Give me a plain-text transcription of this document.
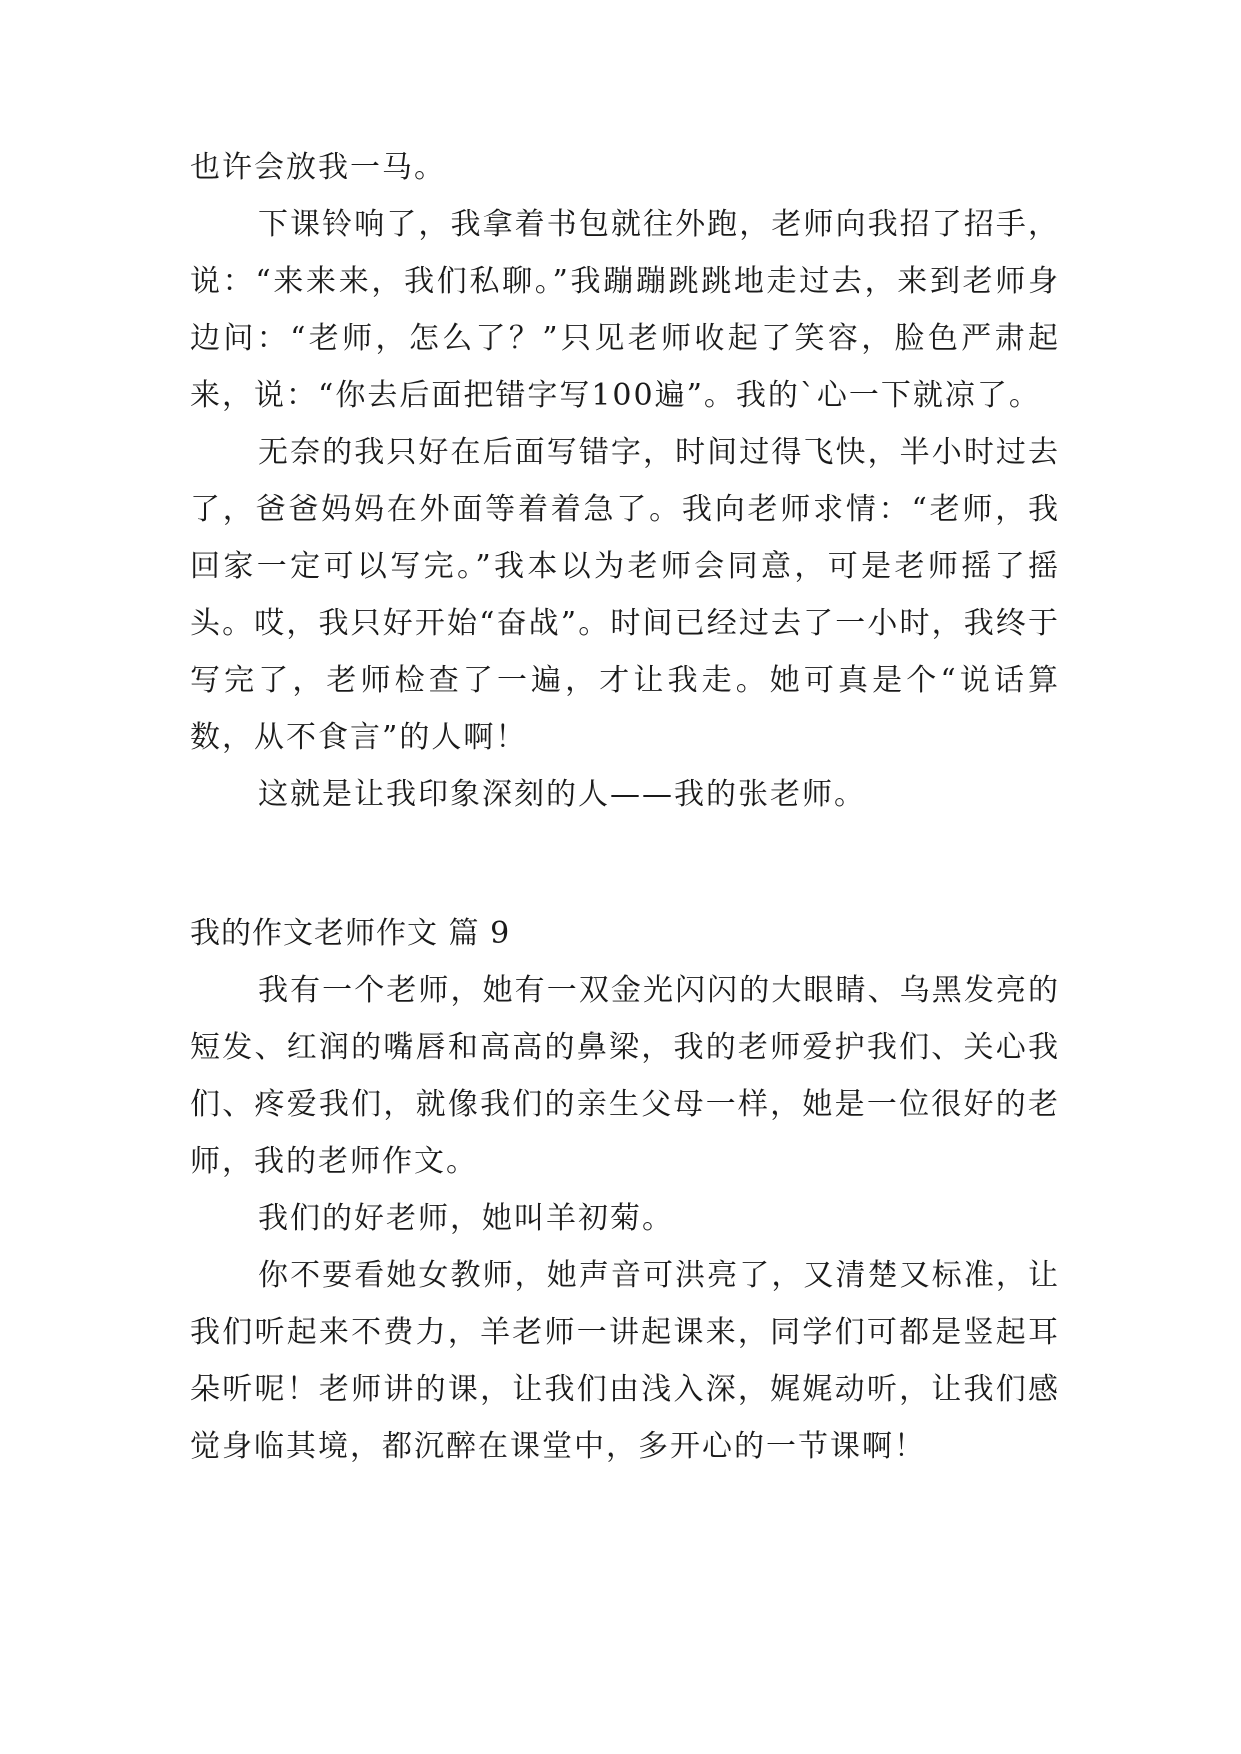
也许会放我一马。

下课铃响了，我拿着书包就往外跑，老师向我招了招手，说：“来来来，我们私聊。”我蹦蹦跳跳地走过去，来到老师身边问：“老师，怎么了？”只见老师收起了笑容，脸色严肃起来，说：“你去后面把错字写100遍”。我的`心一下就凉了。

无奈的我只好在后面写错字，时间过得飞快，半小时过去了，爸爸妈妈在外面等着着急了。我向老师求情：“老师，我回家一定可以写完。”我本以为老师会同意，可是老师摇了摇头。哎，我只好开始“奋战”。时间已经过去了一小时，我终于写完了，老师检查了一遍，才让我走。她可真是个“说话算数，从不食言”的人啊！

这就是让我印象深刻的人——我的张老师。

我的作文老师作文 篇 9

我有一个老师，她有一双金光闪闪的大眼睛、乌黑发亮的短发、红润的嘴唇和高高的鼻梁，我的老师爱护我们、关心我们、疼爱我们，就像我们的亲生父母一样，她是一位很好的老师，我的老师作文。

我们的好老师，她叫羊初菊。

你不要看她女教师，她声音可洪亮了，又清楚又标准，让我们听起来不费力，羊老师一讲起课来，同学们可都是竖起耳朵听呢！老师讲的课，让我们由浅入深，娓娓动听，让我们感觉身临其境，都沉醉在课堂中，多开心的一节课啊！
